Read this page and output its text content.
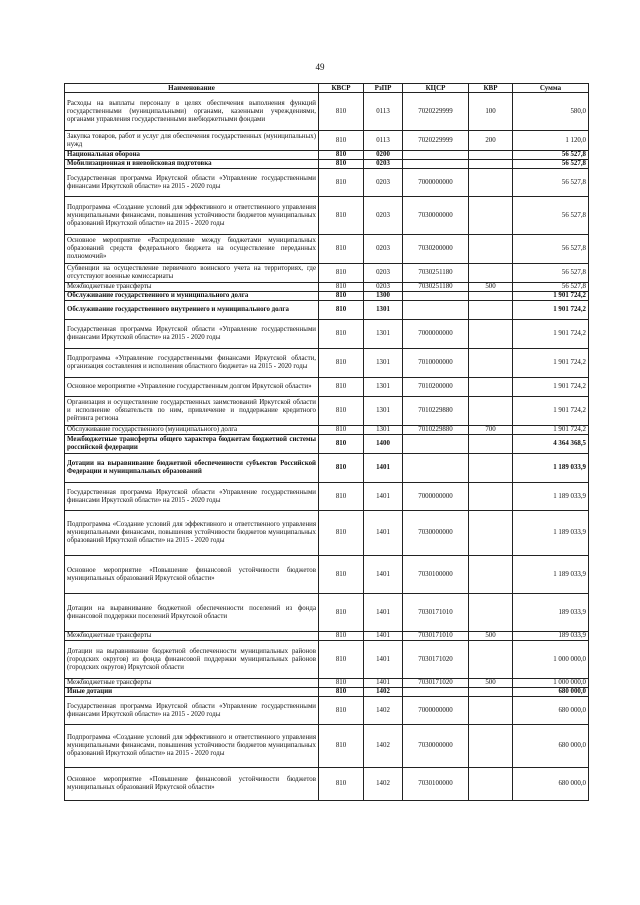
49
Наименование	КВСР	РзПР	КЦСР	КВР	Сумма
Расходы на выплаты персоналу в целях обеспечения выполнения функций государственными (муниципальными) органами, казенными учреждениями, органами управления государственными внебюджетными фондами	810	0113	7020229999	100	580,0
Закупка товаров, работ и услуг для обеспечения государственных (муниципальных) нужд	810	0113	7020229999	200	1 120,0
Национальная оборона	810	0200			56 527,8
Мобилизационная и вневойсковая подготовка	810	0203			56 527,8
Государственная программа Иркутской области «Управление государственными финансами Иркутской области» на 2015 - 2020 годы	810	0203	7000000000		56 527,8
Подпрограмма «Создание условий для эффективного и ответственного управления муниципальными финансами, повышения устойчивости бюджетов муниципальных образований Иркутской области» на 2015 - 2020 годы	810	0203	7030000000		56 527,8
Основное мероприятие «Распределение между бюджетами муниципальных образований средств федерального бюджета на осуществление переданных полномочий»	810	0203	7030200000		56 527,8
Субвенции на осуществление первичного воинского учета на территориях, где отсутствуют военные комиссариаты	810	0203	7030251180		56 527,8
Межбюджетные трансферты	810	0203	7030251180	500	56 527,8
Обслуживание государственного и муниципального долга	810	1300			1 901 724,2
Обслуживание государственного внутреннего и муниципального долга	810	1301			1 901 724,2
Государственная программа Иркутской области «Управление государственными финансами Иркутской области» на 2015 - 2020 годы	810	1301	7000000000		1 901 724,2
Подпрограмма «Управление государственными финансами Иркутской области, организация составления и исполнения областного бюджета» на 2015 - 2020 годы	810	1301	7010000000		1 901 724,2
Основное мероприятие «Управление государственным долгом Иркутской области»	810	1301	7010200000		1 901 724,2
Организация и осуществление государственных заимствований Иркутской области и исполнение обязательств по ним, привлечение и поддержание кредитного рейтинга региона	810	1301	7010229880		1 901 724,2
Обслуживание государственного (муниципального) долга	810	1301	7010229880	700	1 901 724,2
Межбюджетные трансферты общего характера бюджетам бюджетной системы российской федерации	810	1400			4 364 368,5
Дотации на выравнивание бюджетной обеспеченности субъектов Российской Федерации и муниципальных образований	810	1401			1 189 033,9
Государственная программа Иркутской области «Управление государственными финансами Иркутской области» на 2015 - 2020 годы	810	1401	7000000000		1 189 033,9
Подпрограмма «Создание условий для эффективного и ответственного управления муниципальными финансами, повышения устойчивости бюджетов муниципальных образований Иркутской области» на 2015 - 2020 годы	810	1401	7030000000		1 189 033,9
Основное мероприятие «Повышение финансовой устойчивости бюджетов муниципальных образований Иркутской области»	810	1401	7030100000		1 189 033,9
Дотации на выравнивание бюджетной обеспеченности поселений из фонда финансовой поддержки поселений Иркутской области	810	1401	7030171010		189 033,9
Межбюджетные трансферты	810	1401	7030171010	500	189 033,9
Дотации на выравнивание бюджетной обеспеченности муниципальных районов (городских округов) из фонда финансовой поддержки муниципальных районов (городских округов) Иркутской области	810	1401	7030171020		1 000 000,0
Межбюджетные трансферты	810	1401	7030171020	500	1 000 000,0
Иные дотации	810	1402			680 000,0
Государственная программа Иркутской области «Управление государственными финансами Иркутской области» на 2015 - 2020 годы	810	1402	7000000000		680 000,0
Подпрограмма «Создание условий для эффективного и ответственного управления муниципальными финансами, повышения устойчивости бюджетов муниципальных образований Иркутской области» на 2015 - 2020 годы	810	1402	7030000000		680 000,0
Основное мероприятие «Повышение финансовой устойчивости бюджетов муниципальных образований Иркутской области»	810	1402	7030100000		680 000,0
